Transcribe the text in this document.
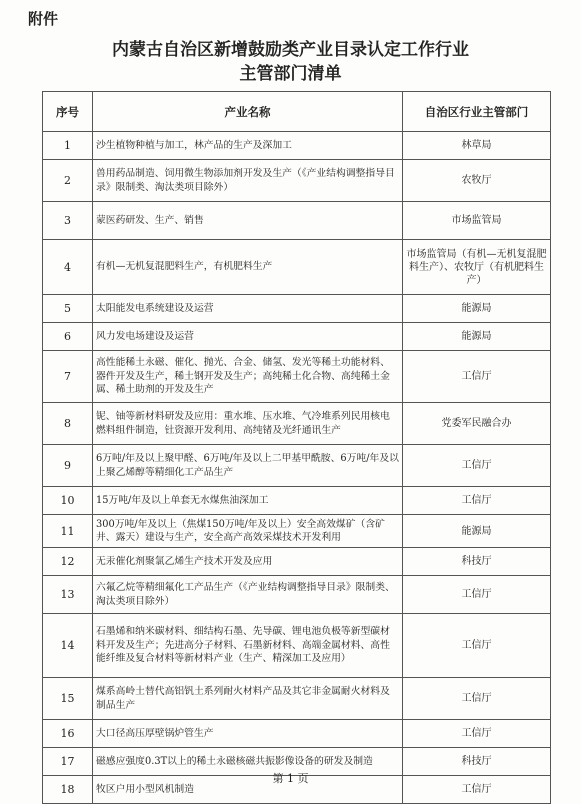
附件
内蒙古自治区新增鼓励类产业目录认定工作行业
主管部门清单
序号	产业名称	自治区行业主管部门
1	沙生植物种植与加工，林产品的生产及深加工	林草局
2	兽用药品制造、饲用微生物添加剂开发及生产（《产业结构调整指导目录》限制类、淘汰类项目除外）	农牧厅
3	蒙医药研发、生产、销售	市场监管局
4	有机—无机复混肥料生产，有机肥料生产	市场监管局（有机—无机复混肥料生产）、农牧厅（有机肥料生产）
5	太阳能发电系统建设及运营	能源局
6	风力发电场建设及运营	能源局
7	高性能稀土永磁、催化、抛光、合金、储氢、发光等稀土功能材料、器件开发及生产，稀土钢开发及生产；高纯稀土化合物、高纯稀土金属、稀土助剂的开发及生产	工信厅
8	铌、铀等新材料研发及应用：重水堆、压水堆、气冷堆系列民用核电燃料组件制造，钍资源开发利用、高纯锗及光纤通讯生产	党委军民融合办
9	6万吨/年及以上聚甲醛、6万吨/年及以上二甲基甲酰胺、6万吨/年及以上聚乙烯醇等精细化工产品生产	工信厅
10	15万吨/年及以上单套无水煤焦油深加工	工信厅
11	300万吨/年及以上（焦煤150万吨/年及以上）安全高效煤矿（含矿井、露天）建设与生产，安全高产高效采煤技术开发利用	能源局
12	无汞催化剂聚氯乙烯生产技术开发及应用	科技厅
13	六氟乙烷等精细氟化工产品生产（《产业结构调整指导目录》限制类、淘汰类项目除外）	工信厅
14	石墨烯和纳米碳材料、细结构石墨、先导碳、锂电池负极等新型碳材料开发及生产；先进高分子材料、石墨新材料、高端金属材料、高性能纤维及复合材料等新材料产业（生产、精深加工及应用）	工信厅
15	煤系高岭土替代高铝钒土系列耐火材料产品及其它非金属耐火材料及制品生产	工信厅
16	大口径高压厚壁锅炉管生产	工信厅
17	磁感应强度0.3T以上的稀土永磁核磁共振影像设备的研发及制造	科技厅
18	牧区户用小型风机制造	工信厅
第 1 页
